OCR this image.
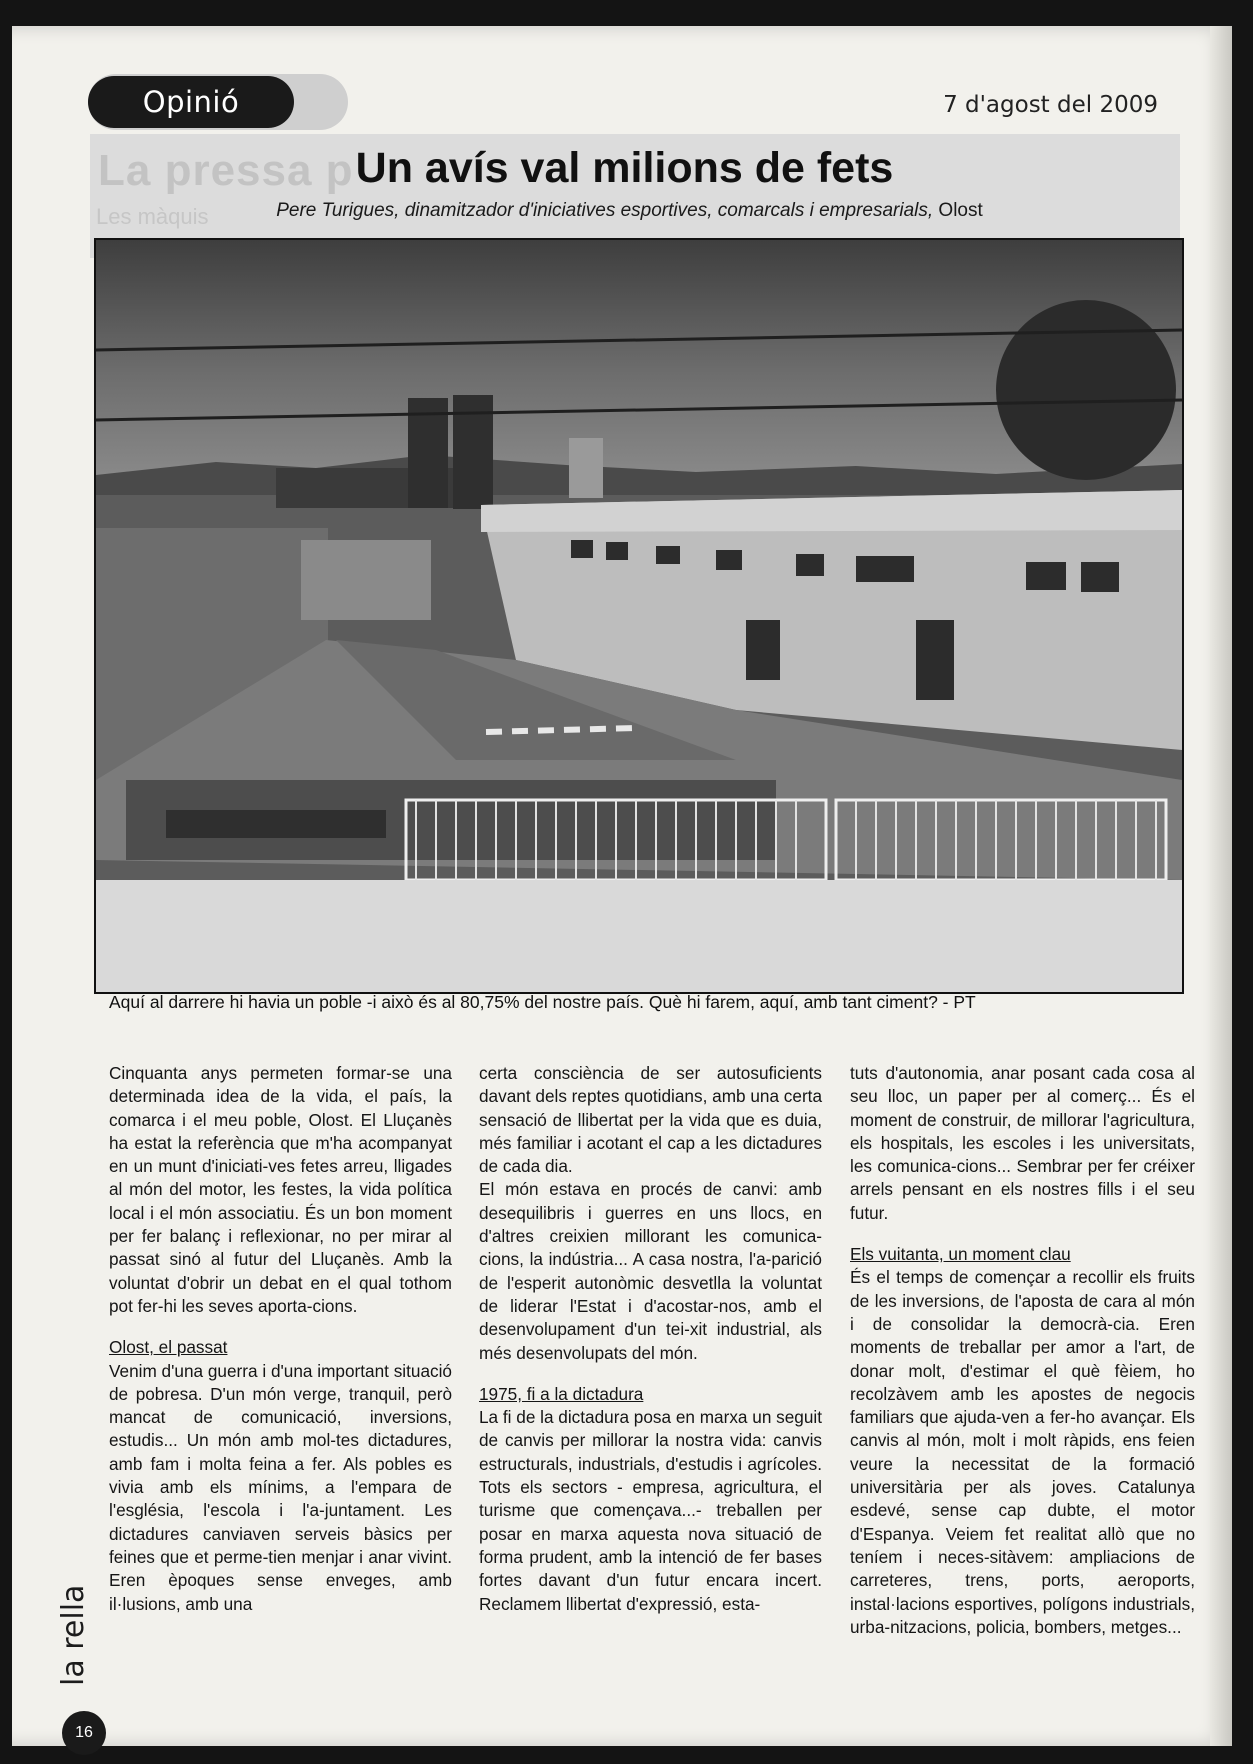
Opinió	7 d'agost del 2009
La pressa p
Les màquis
Un avís val milions de fets
Pere Turigues, dinamitzador d'iniciatives esportives, comarcals i empresarials, Olost
Aquí al darrere hi havia un poble -i això és al 80,75% del nostre país. Què hi farem, aquí, amb tant ciment? - PT

Cinquanta anys permeten formar-se una determinada idea de la vida, el país, la comarca i el meu poble, Olost. El Lluçanès ha estat la referència que m'ha acompanyat en un munt d'iniciati-ves fetes arreu, lligades al món del motor, les festes, la vida política local i el món associatiu. És un bon moment per fer balanç i reflexionar, no per mirar al passat sinó al futur del Lluçanès. Amb la voluntat d'obrir un debat en el qual tothom pot fer-hi les seves aporta-cions.

Olost, el passat

Venim d'una guerra i d'una important situació de pobresa. D'un món verge, tranquil, però mancat de comunicació, inversions, estudis... Un món amb mol-tes dictadures, amb fam i molta feina a fer. Als pobles es vivia amb els mínims, a l'empara de l'església, l'escola i l'a-juntament. Les dictadures canviaven serveis bàsics per feines que et perme-tien menjar i anar vivint. Eren èpoques sense enveges, amb il·lusions, amb una

certa consciència de ser autosuficients davant dels reptes quotidians, amb una certa sensació de llibertat per la vida que es duia, més familiar i acotant el cap a les dictadures de cada dia.

El món estava en procés de canvi: amb desequilibris i guerres en uns llocs, en d'altres creixien millorant les comunica-cions, la indústria... A casa nostra, l'a-parició de l'esperit autonòmic desvetlla la voluntat de liderar l'Estat i d'acostar-nos, amb el desenvolupament d'un tei-xit industrial, als més desenvolupats del món.

1975, fi a la dictadura

La fi de la dictadura posa en marxa un seguit de canvis per millorar la nostra vida: canvis estructurals, industrials, d'estudis i agrícoles. Tots els sectors - empresa, agricultura, el turisme que començava...- treballen per posar en marxa aquesta nova situació de forma prudent, amb la intenció de fer bases fortes davant d'un futur encara incert. Reclamem llibertat d'expressió, esta-

tuts d'autonomia, anar posant cada cosa al seu lloc, un paper per al comerç... És el moment de construir, de millorar l'agricultura, els hospitals, les escoles i les universitats, les comunica-cions... Sembrar per fer créixer arrels pensant en els nostres fills i el seu futur.

Els vuitanta, un moment clau

És el temps de començar a recollir els fruits de les inversions, de l'aposta de cara al món i de consolidar la democrà-cia. Eren moments de treballar per amor a l'art, de donar molt, d'estimar el què fèiem, ho recolzàvem amb les apostes de negocis familiars que ajuda-ven a fer-ho avançar. Els canvis al món, molt i molt ràpids, ens feien veure la necessitat de la formació universitària per als joves. Catalunya esdevé, sense cap dubte, el motor d'Espanya. Veiem fet realitat allò que no teníem i neces-sitàvem: ampliacions de carreteres, trens, ports, aeroports, instal·lacions esportives, polígons industrials, urba-nitzacions, policia, bombers, metges...

la rella
16
